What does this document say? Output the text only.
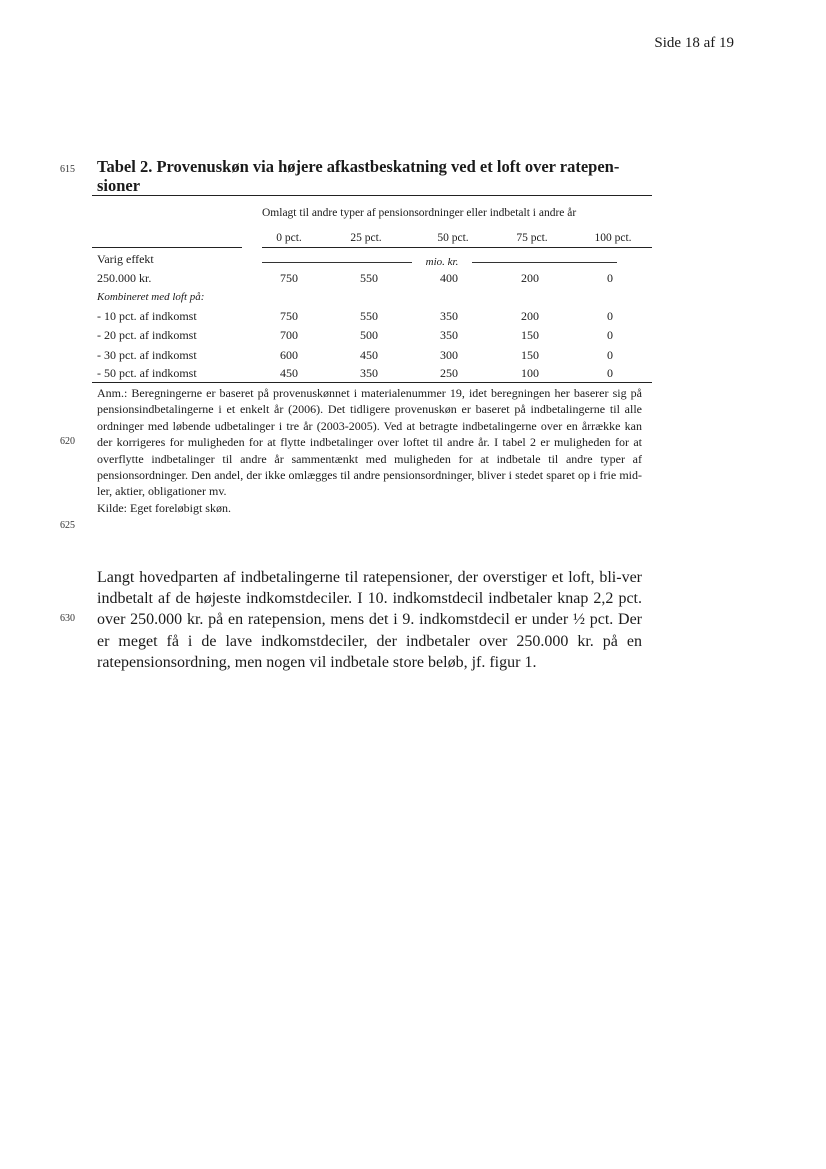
Side 18 af 19
615
620
625
630
Tabel 2. Provenuskøn via højere afkastbeskatning ved et loft over ratepen-sioner
Omlagt til andre typer af pensionsordninger eller indbetalt i andre år
0 pct.	25 pct.	50 pct.	75 pct.	100 pct.
mio. kr.
Varig effekt
250.000 kr.	750	550	400	200	0
Kombineret med loft på:
- 10 pct. af indkomst	750	550	350	200	0
- 20 pct. af indkomst	700	500	350	150	0
- 30 pct. af indkomst	600	450	300	150	0
- 50 pct. af indkomst	450	350	250	100	0

Anm.: Beregningerne er baseret på provenuskønnet i materialenummer 19, idet beregningen her baserer sig på pensionsindbetalingerne i et enkelt år (2006). Det tidligere provenuskøn er baseret på indbetalingerne til alle ordninger med løbende udbetalinger i tre år (2003-2005). Ved at betragte indbetalingerne over en årrække kan der korrigeres for muligheden for at flytte indbetalinger over loftet til andre år. I tabel 2 er muligheden for at overflytte indbetalinger til andre år sammentænkt med muligheden for at indbetale til andre typer af pensionsordninger. Den andel, der ikke omlægges til andre pensionsordninger, bliver i stedet sparet op i frie mid-ler, aktier, obligationer mv.

Kilde: Eget foreløbigt skøn.

Langt hovedparten af indbetalingerne til ratepensioner, der overstiger et loft, bli-ver indbetalt af de højeste indkomstdeciler. I 10. indkomstdecil indbetaler knap 2,2 pct. over 250.000 kr. på en ratepension, mens det i 9. indkomstdecil er under ½ pct. Der er meget få i de lave indkomstdeciler, der indbetaler over 250.000 kr. på en ratepensionsordning, men nogen vil indbetale store beløb, jf. figur 1.
